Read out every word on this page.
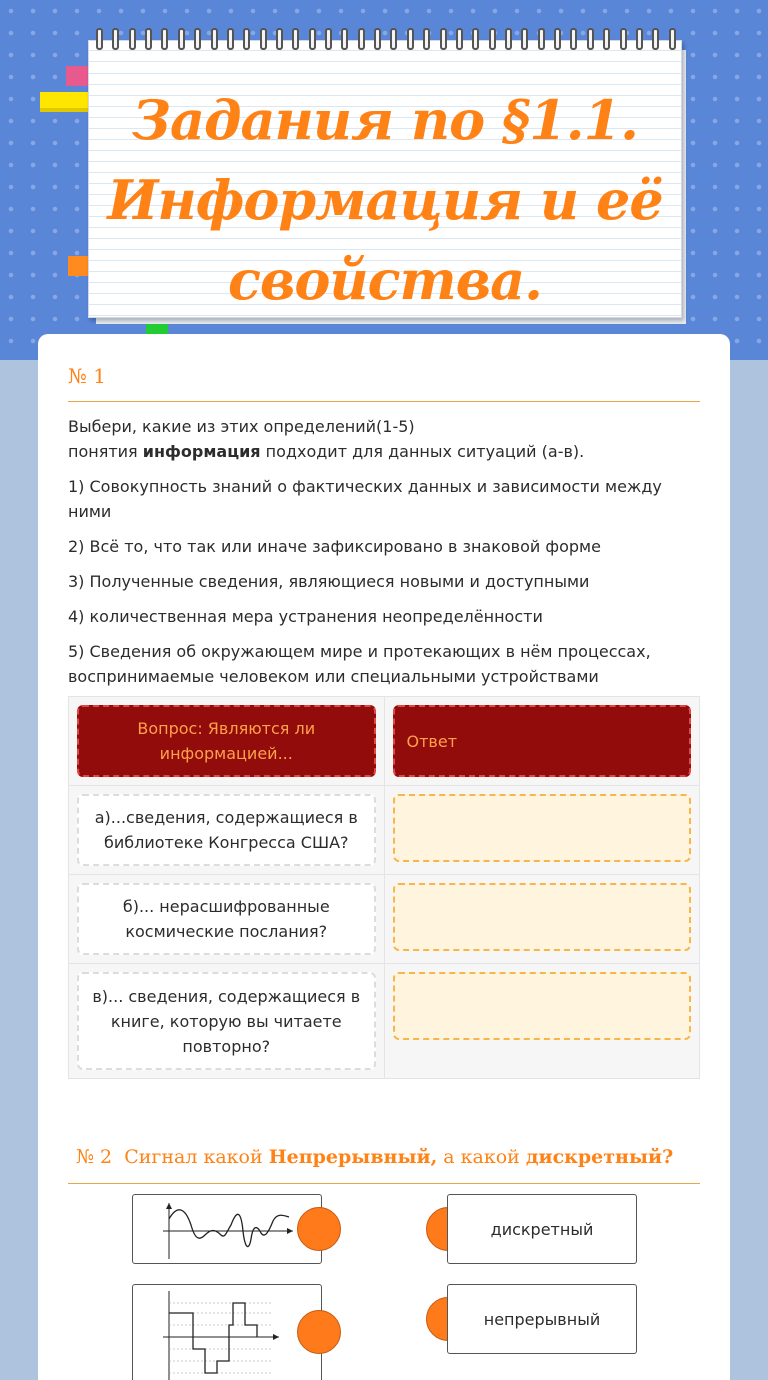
Задания по §1.1.
Информация и её
свойства.
№ 1

Выбери, какие из этих определений(1-5)
понятия информация подходит для данных ситуаций (а-в).

1) Совокупность знаний о фактических данных и зависимости между ними

2) Всё то, что так или иначе зафиксировано в знаковой форме

3) Полученные сведения, являющиеся новыми и доступными

4) количественная мера устранения неопределённости

5) Сведения об окружающем мире и протекающих в нём процессах, воспринимаемые человеком или специальными устройствами

Вопрос: Являются ли информацией...	Ответ

а)...сведения, содержащиеся в библиотеке Конгресса США?	

б)... нерасшифрованные космические послания?	

в)... сведения, содержащиеся в книге, которую вы читаете повторно?	

№ 2 Сигнал какой Непрерывный, а какой дискретный?
дискретный
непрерывный
